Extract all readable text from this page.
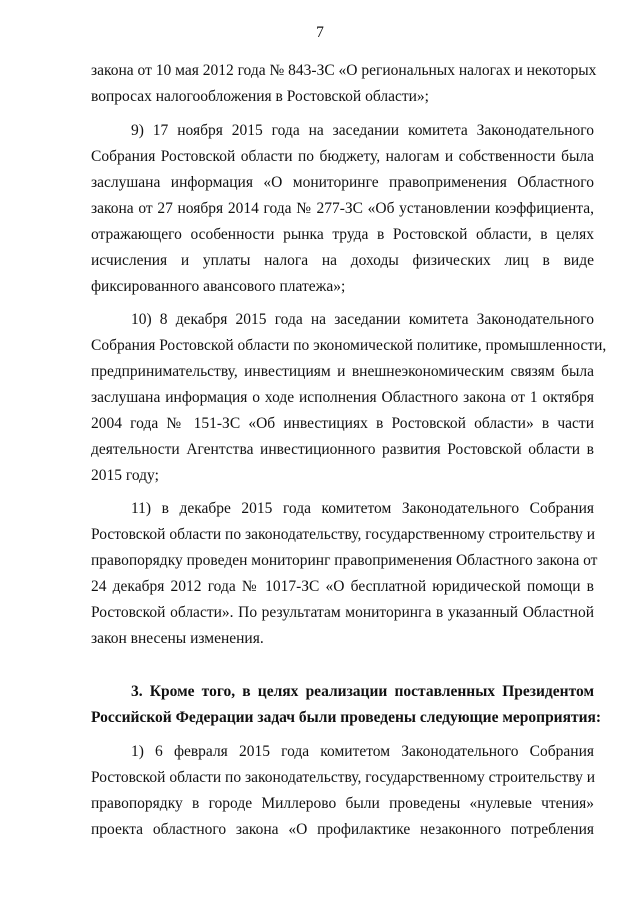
7
закона от 10 мая 2012 года № 843-ЗС «О региональных налогах и некоторых
вопросах налогообложения в Ростовской области»;
9) 17 ноября 2015 года на заседании комитета Законодательного
Собрания Ростовской области по бюджету, налогам и собственности была
заслушана информация «О мониторинге правоприменения Областного
закона от 27 ноября 2014 года № 277-ЗС «Об установлении коэффициента,
отражающего особенности рынка труда в Ростовской области, в целях
исчисления и уплаты налога на доходы физических лиц в виде
фиксированного авансового платежа»;
10) 8 декабря 2015 года на заседании комитета Законодательного
Собрания Ростовской области по экономической политике, промышленности,
предпринимательству, инвестициям и внешнеэкономическим связям была
заслушана информация о ходе исполнения Областного закона от 1 октября
2004 года № 151-ЗС «Об инвестициях в Ростовской области» в части
деятельности Агентства инвестиционного развития Ростовской области в
2015 году;
11) в декабре 2015 года комитетом Законодательного Собрания
Ростовской области по законодательству, государственному строительству и
правопорядку проведен мониторинг правоприменения Областного закона от
24 декабря 2012 года № 1017-ЗС «О бесплатной юридической помощи в
Ростовской области». По результатам мониторинга в указанный Областной
закон внесены изменения.
3. Кроме того, в целях реализации поставленных Президентом
Российской Федерации задач были проведены следующие мероприятия:
1) 6 февраля 2015 года комитетом Законодательного Собрания
Ростовской области по законодательству, государственному строительству и
правопорядку в городе Миллерово были проведены «нулевые чтения»
проекта областного закона «О профилактике незаконного потребления
